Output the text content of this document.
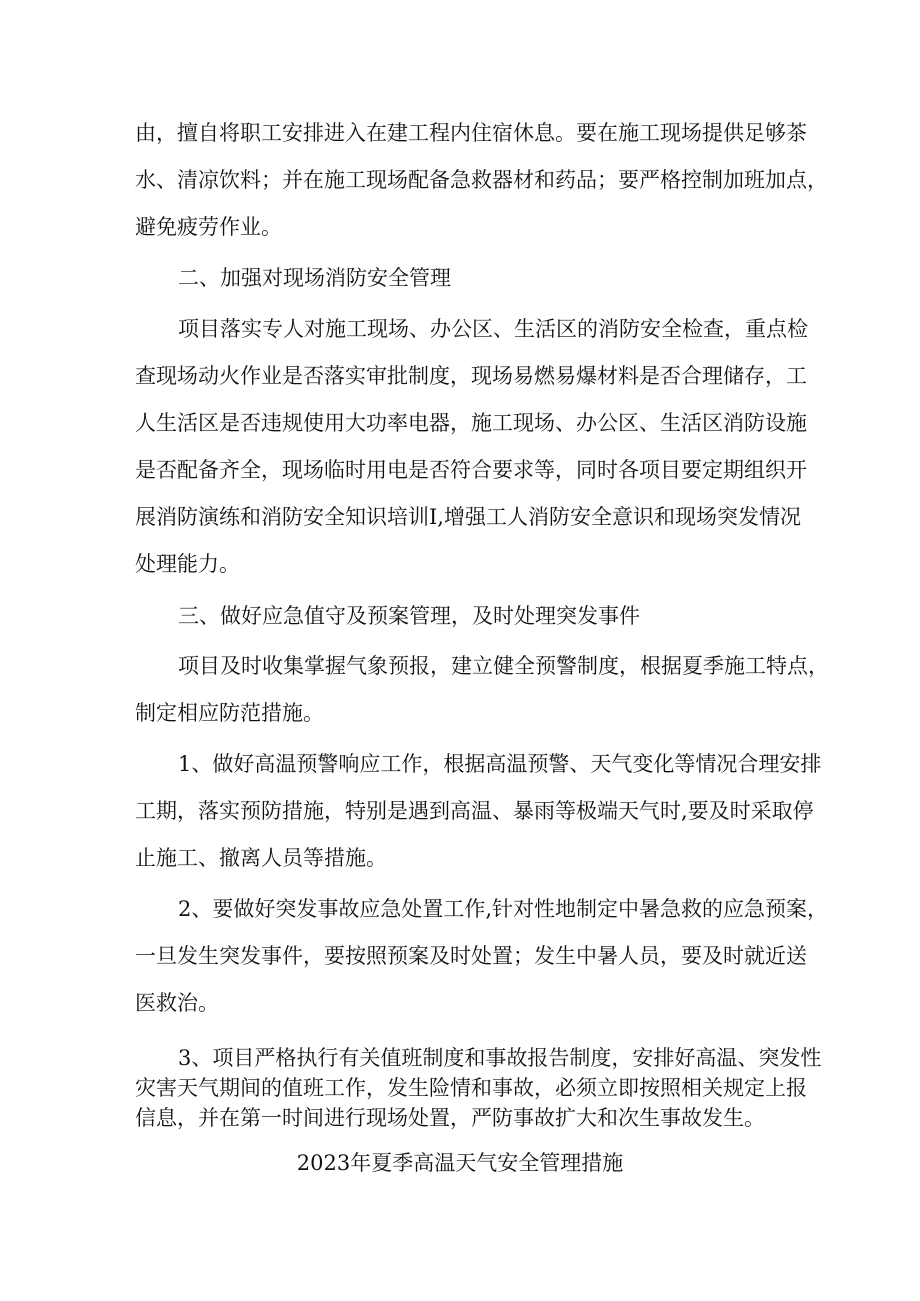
由，擅自将职工安排进入在建工程内住宿休息。要在施工现场提供足够茶
水、清凉饮料；并在施工现场配备急救器材和药品；要严格控制加班加点，
避免疲劳作业。
二、加强对现场消防安全管理
项目落实专人对施工现场、办公区、生活区的消防安全检查，重点检
查现场动火作业是否落实审批制度，现场易燃易爆材料是否合理储存，工
人生活区是否违规使用大功率电器，施工现场、办公区、生活区消防设施
是否配备齐全，现场临时用电是否符合要求等，同时各项目要定期组织开
展消防演练和消防安全知识培训I,增强工人消防安全意识和现场突发情况
处理能力。
三、做好应急值守及预案管理，及时处理突发事件
项目及时收集掌握气象预报，建立健全预警制度，根据夏季施工特点，
制定相应防范措施。
1、做好高温预警响应工作，根据高温预警、天气变化等情况合理安排
工期，落实预防措施，特别是遇到高温、暴雨等极端天气时,要及时采取停
止施工、撤离人员等措施。
2、要做好突发事故应急处置工作,针对性地制定中暑急救的应急预案，
一旦发生突发事件，要按照预案及时处置；发生中暑人员，要及时就近送
医救治。
3、项目严格执行有关值班制度和事故报告制度，安排好高温、突发性
灾害天气期间的值班工作，发生险情和事故，必须立即按照相关规定上报
信息，并在第一时间进行现场处置，严防事故扩大和次生事故发生。
2023年夏季高温天气安全管理措施
